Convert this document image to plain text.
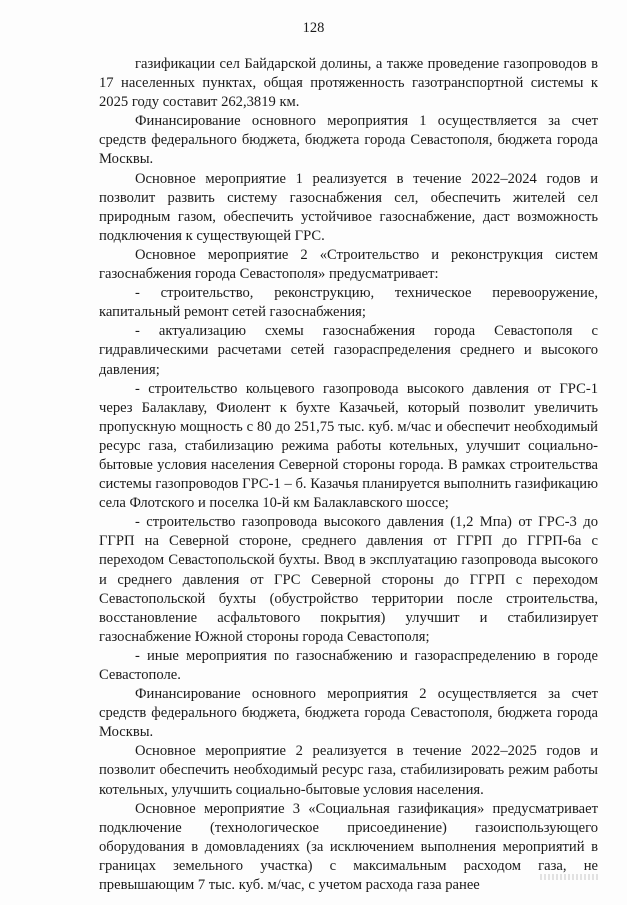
128

газификации сел Байдарской долины, а также проведение газопроводов в 17 населенных пунктах, общая протяженность газотранспортной системы к 2025 году составит 262,3819 км.

Финансирование основного мероприятия 1 осуществляется за счет средств федерального бюджета, бюджета города Севастополя, бюджета города Москвы.

Основное мероприятие 1 реализуется в течение 2022–2024 годов и позволит развить систему газоснабжения сел, обеспечить жителей сел природным газом, обеспечить устойчивое газоснабжение, даст возможность подключения к существующей ГРС.

Основное мероприятие 2 «Строительство и реконструкция систем газоснабжения города Севастополя» предусматривает:

- строительство, реконструкцию, техническое перевооружение, капитальный ремонт сетей газоснабжения;

- актуализацию схемы газоснабжения города Севастополя с гидравлическими расчетами сетей газораспределения среднего и высокого давления;

- строительство кольцевого газопровода высокого давления от ГРС-1 через Балаклаву, Фиолент к бухте Казачьей, который позволит увеличить пропускную мощность с 80 до 251,75 тыс. куб. м/час и обеспечит необходимый ресурс газа, стабилизацию режима работы котельных, улучшит социально-бытовые условия населения Северной стороны города. В рамках строительства системы газопроводов ГРС-1 – б. Казачья планируется выполнить газификацию села Флотского и поселка 10-й км Балаклавского шоссе;

- строительство газопровода высокого давления (1,2 Мпа) от ГРС-3 до ГГРП на Северной стороне, среднего давления от ГГРП до ГГРП-6а с переходом Севастопольской бухты. Ввод в эксплуатацию газопровода высокого и среднего давления от ГРС Северной стороны до ГГРП с переходом Севастопольской бухты (обустройство территории после строительства, восстановление асфальтового покрытия) улучшит и стабилизирует газоснабжение Южной стороны города Севастополя;

- иные мероприятия по газоснабжению и газораспределению в городе Севастополе.

Финансирование основного мероприятия 2 осуществляется за счет средств федерального бюджета, бюджета города Севастополя, бюджета города Москвы.

Основное мероприятие 2 реализуется в течение 2022–2025 годов и позволит обеспечить необходимый ресурс газа, стабилизировать режим работы котельных, улучшить социально-бытовые условия населения.

Основное мероприятие 3 «Социальная газификация» предусматривает подключение (технологическое присоединение) газоиспользующего оборудования в домовладениях (за исключением выполнения мероприятий в границах земельного участка) с максимальным расходом газа, не превышающим 7 тыс. куб. м/час, с учетом расхода газа ранее
